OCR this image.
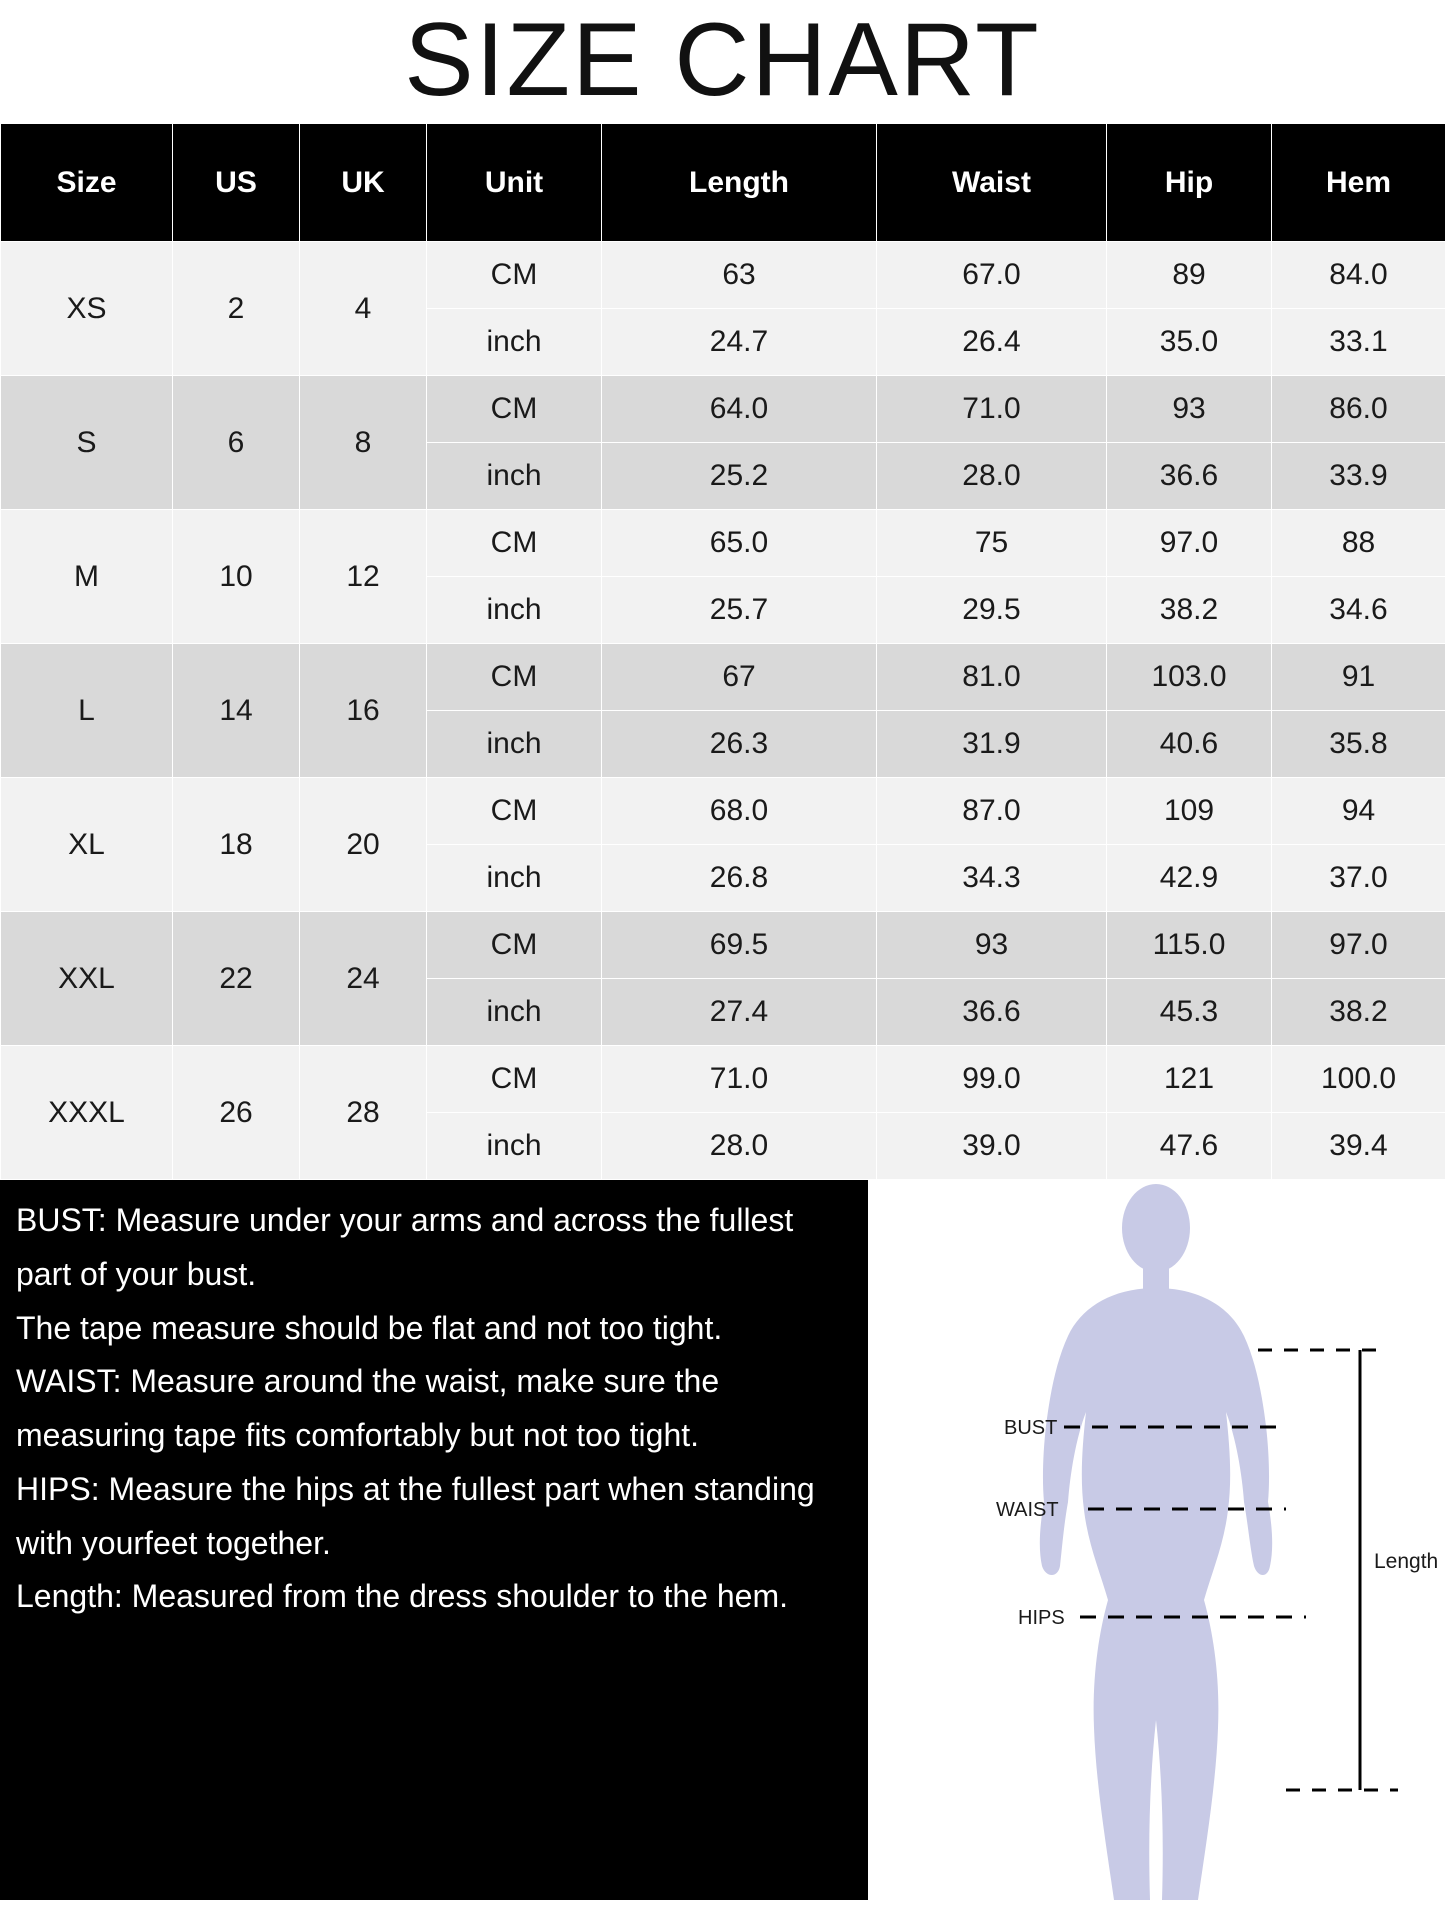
SIZE CHART
Size	US	UK	Unit	Length	Waist	Hip	Hem
XS	2	4	CM	63	67.0	89	84.0
			inch	24.7	26.4	35.0	33.1
S	6	8	CM	64.0	71.0	93	86.0
			inch	25.2	28.0	36.6	33.9
M	10	12	CM	65.0	75	97.0	88
			inch	25.7	29.5	38.2	34.6
L	14	16	CM	67	81.0	103.0	91
			inch	26.3	31.9	40.6	35.8
XL	18	20	CM	68.0	87.0	109	94
			inch	26.8	34.3	42.9	37.0
XXL	22	24	CM	69.5	93	115.0	97.0
			inch	27.4	36.6	45.3	38.2
XXXL	26	28	CM	71.0	99.0	121	100.0
			inch	28.0	39.0	47.6	39.4

BUST: Measure under your arms and across the fullest part of your bust.

The tape measure should be flat and not too tight.

WAIST: Measure around the waist, make sure the measuring tape fits comfortably but not too tight.

HIPS: Measure the hips at the fullest part when standing with yourfeet together.

Length: Measured from the dress shoulder to the hem.

BUST
WAIST
HIPS
Length
